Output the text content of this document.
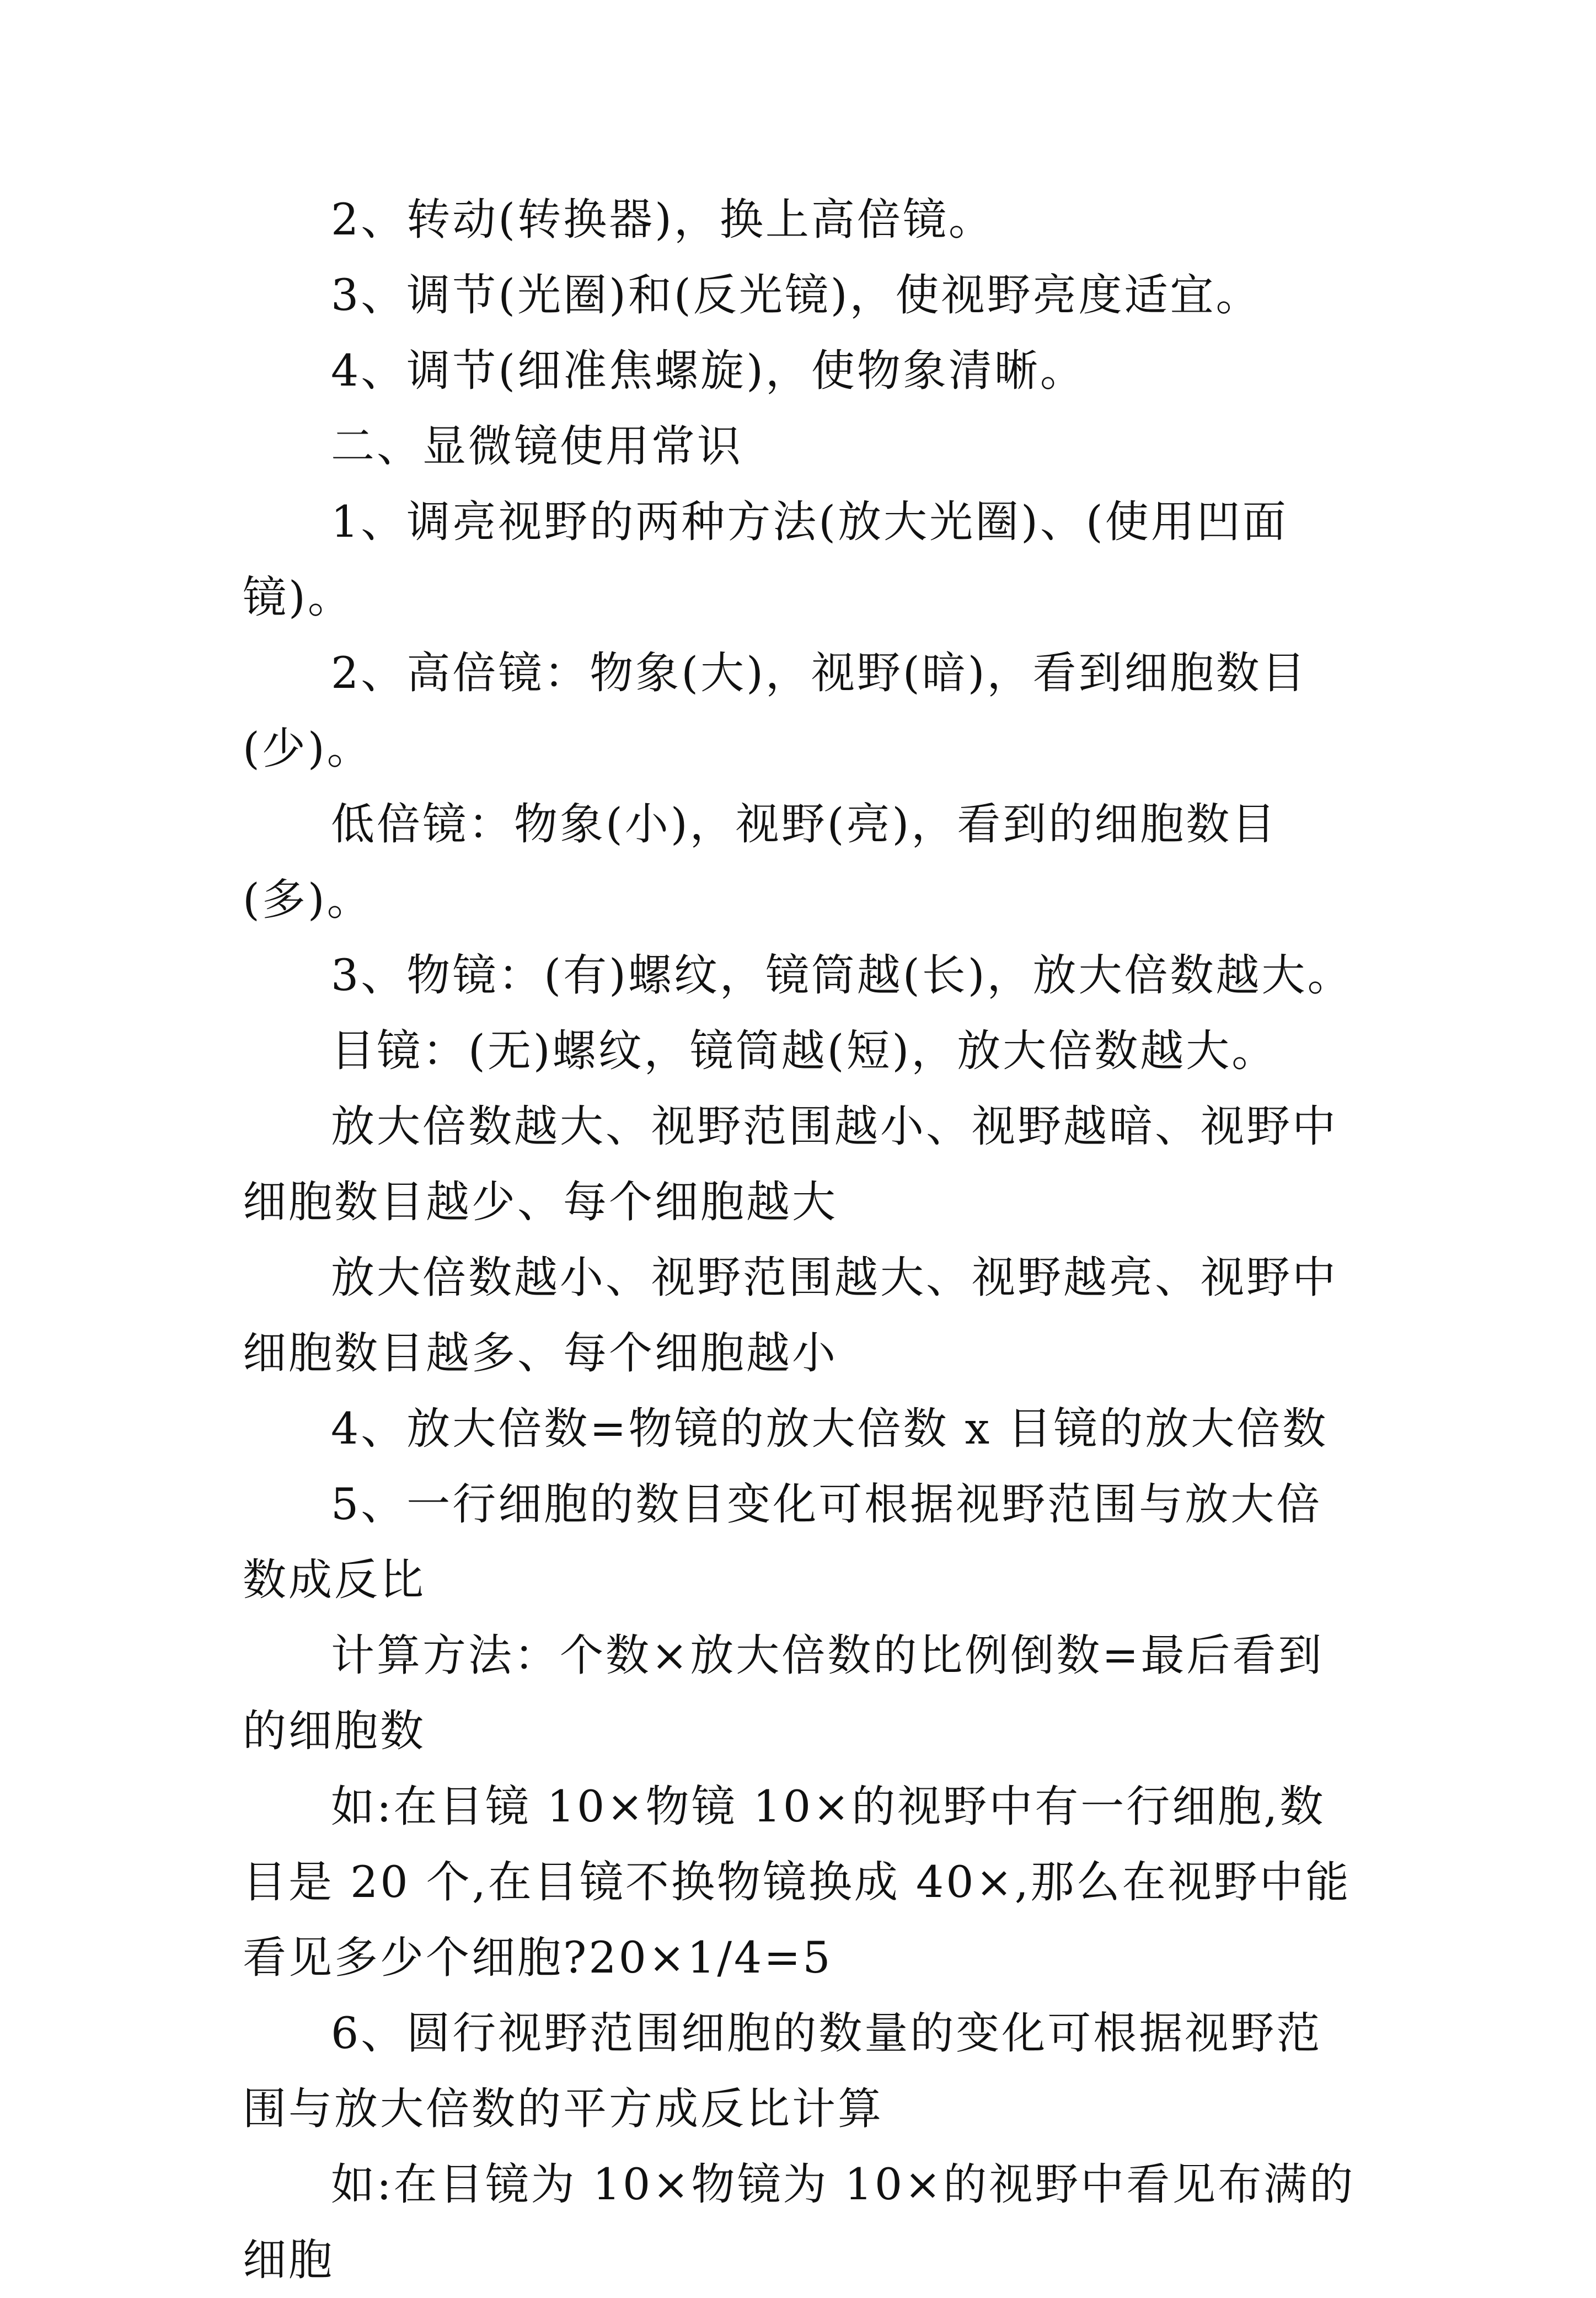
2、转动(转换器)，换上高倍镜。

3、调节(光圈)和(反光镜)，使视野亮度适宜。

4、调节(细准焦螺旋)，使物象清晰。

二、显微镜使用常识

1、调亮视野的两种方法(放大光圈)、(使用凹面镜)。

2、高倍镜：物象(大)，视野(暗)，看到细胞数目(少)。

低倍镜：物象(小)，视野(亮)，看到的细胞数目(多)。

3、物镜：(有)螺纹，镜筒越(长)，放大倍数越大。

目镜：(无)螺纹，镜筒越(短)，放大倍数越大。

放大倍数越大、视野范围越小、视野越暗、视野中细胞数目越少、每个细胞越大

放大倍数越小、视野范围越大、视野越亮、视野中细胞数目越多、每个细胞越小

4、放大倍数=物镜的放大倍数 x 目镜的放大倍数

5、一行细胞的数目变化可根据视野范围与放大倍数成反比

计算方法：个数×放大倍数的比例倒数=最后看到的细胞数

如:在目镜 10×物镜 10×的视野中有一行细胞,数目是 20 个,在目镜不换物镜换成 40×,那么在视野中能看见多少个细胞?20×1/4=5

6、圆行视野范围细胞的数量的变化可根据视野范围与放大倍数的平方成反比计算

如:在目镜为 10×物镜为 10×的视野中看见布满的细胞
